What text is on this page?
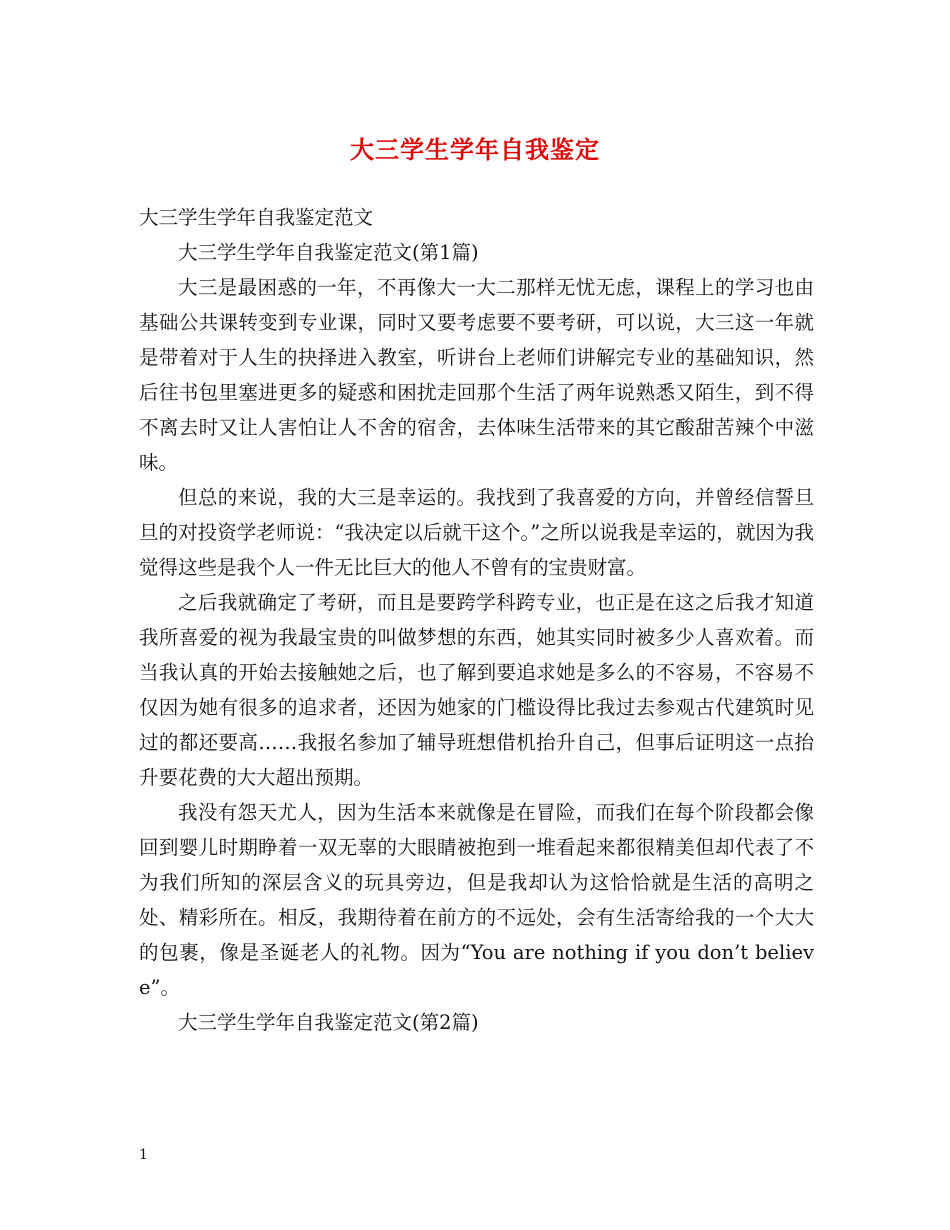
大三学生学年自我鉴定

大三学生学年自我鉴定范文

大三学生学年自我鉴定范文(第1篇)

大三是最困惑的一年，不再像大一大二那样无忧无虑，课程上的学习也由基础公共课转变到专业课，同时又要考虑要不要考研，可以说，大三这一年就是带着对于人生的抉择进入教室，听讲台上老师们讲解完专业的基础知识，然后往书包里塞进更多的疑惑和困扰走回那个生活了两年说熟悉又陌生，到不得不离去时又让人害怕让人不舍的宿舍，去体味生活带来的其它酸甜苦辣个中滋味。

但总的来说，我的大三是幸运的。我找到了我喜爱的方向，并曾经信誓旦旦的对投资学老师说：“我决定以后就干这个。”之所以说我是幸运的，就因为我觉得这些是我个人一件无比巨大的他人不曾有的宝贵财富。

之后我就确定了考研，而且是要跨学科跨专业，也正是在这之后我才知道我所喜爱的视为我最宝贵的叫做梦想的东西，她其实同时被多少人喜欢着。而当我认真的开始去接触她之后，也了解到要追求她是多么的不容易，不容易不仅因为她有很多的追求者，还因为她家的门槛设得比我过去参观古代建筑时见过的都还要高……我报名参加了辅导班想借机抬升自己，但事后证明这一点抬升要花费的大大超出预期。

我没有怨天尤人，因为生活本来就像是在冒险，而我们在每个阶段都会像回到婴儿时期睁着一双无辜的大眼睛被抱到一堆看起来都很精美但却代表了不为我们所知的深层含义的玩具旁边，但是我却认为这恰恰就是生活的高明之处、精彩所在。相反，我期待着在前方的不远处，会有生活寄给我的一个大大的包裹，像是圣诞老人的礼物。因为“You are nothing if you don’t believe”。

大三学生学年自我鉴定范文(第2篇)

1
